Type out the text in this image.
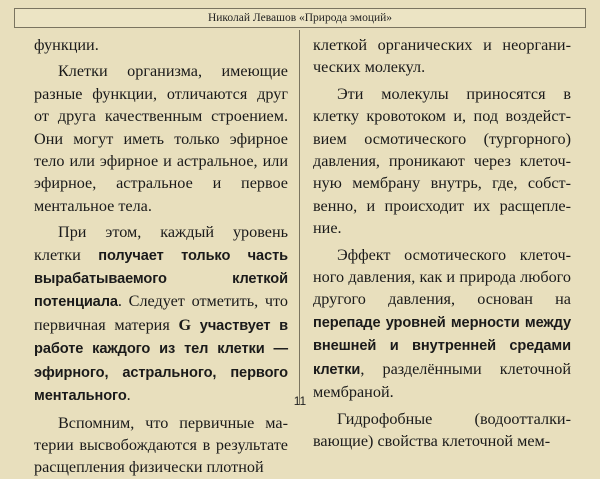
Николай Левашов «Природа эмоций»

функции.

Клетки организма, имеющие разные функции, отличаются друг от друга качественным строением. Они могут иметь только эфирное тело или эфирное и астральное, или эфирное, астральное и первое ментальное тела.

При этом, каждый уровень клетки получает только часть вырабатываемого клеткой потенциала. Следует отметить, что первичная материя G участвует в работе каждого из тел клетки — эфирного, астрального, первого ментального.

Вспомним, что первичные материи высвобождаются в результате расщепления физически плотной

клеткой органических и неорганических молекул.

Эти молекулы приносятся в клетку кровотоком и, под воздействием осмотического (тургорного) давления, проникают через клеточную мембрану внутрь, где, собственно, и происходит их расщепление.

Эффект осмотического клеточного давления, как и природа любого другого давления, основан на перепаде уровней мерности между внешней и внутренней средами клетки, разделёнными клеточной мембраной.

Гидрофобные (водоотталкивающие) свойства клеточной мем-

11
